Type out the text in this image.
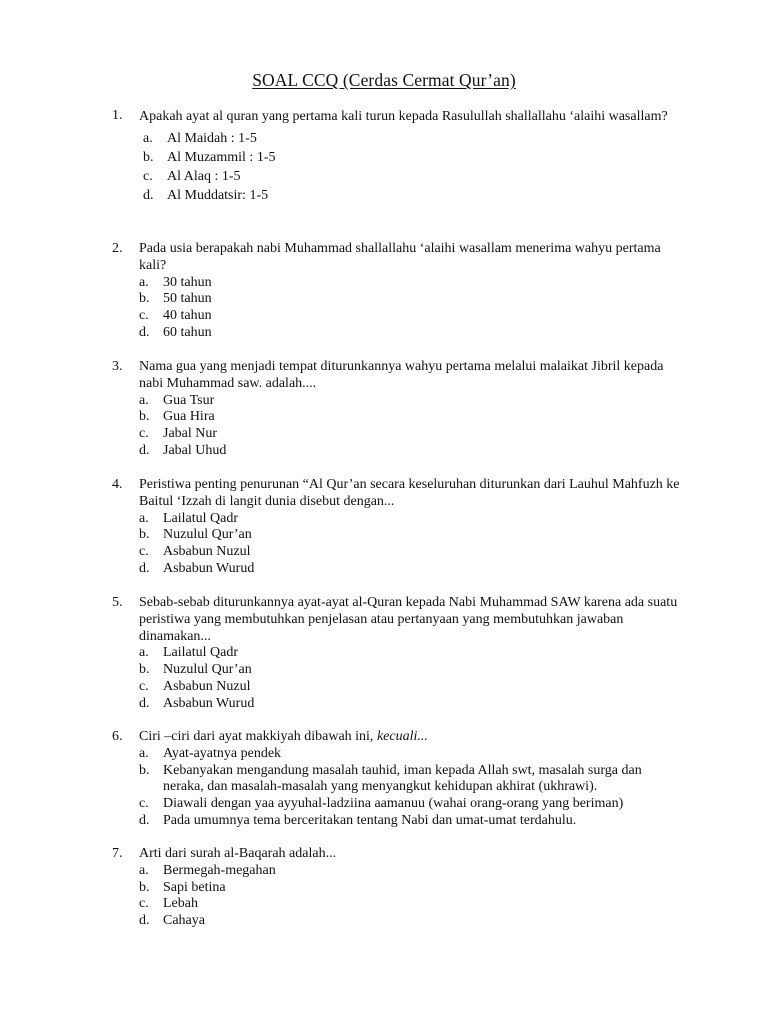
SOAL CCQ (Cerdas Cermat Qur’an)
1.	Apakah ayat al quran yang pertama kali turun kepada Rasulullah shallallahu ‘alaihi wasallam?
a.	Al Maidah : 1-5
b. Al Muzammil : 1-5
c.	Al Alaq : 1-5
d. Al Muddatsir: 1-5
2.	Pada usia berapakah nabi Muhammad shallallahu ‘alaihi wasallam menerima wahyu pertama kali?
a.	30 tahun
b. 50 tahun
c.	40 tahun
d. 60 tahun
3.	Nama gua yang menjadi tempat diturunkannya wahyu pertama melalui malaikat Jibril kepada nabi Muhammad saw. adalah....
a.	Gua Tsur
b. Gua Hira
c.	Jabal Nur
d. Jabal Uhud
4.	Peristiwa penting penurunan “Al Qur’an secara keseluruhan diturunkan dari Lauhul Mahfuzh ke Baitul ‘Izzah di langit dunia disebut dengan...
a.	Lailatul Qadr
b. Nuzulul Qur’an
c.	Asbabun Nuzul
d. Asbabun Wurud
5.	Sebab-sebab diturunkannya ayat-ayat al-Quran kepada Nabi Muhammad SAW karena ada suatu peristiwa yang membutuhkan penjelasan atau pertanyaan yang membutuhkan jawaban dinamakan...
a.	Lailatul Qadr
b. Nuzulul Qur’an
c.	Asbabun Nuzul
d. Asbabun Wurud
6.	Ciri –ciri dari ayat makkiyah dibawah ini, kecuali...
a.	Ayat-ayatnya pendek
b. Kebanyakan mengandung masalah tauhid, iman kepada Allah swt, masalah surga dan neraka, dan masalah-masalah yang menyangkut kehidupan akhirat (ukhrawi).
c.	Diawali dengan yaa ayyuhal-ladziina aamanuu (wahai orang-orang yang beriman)
d. Pada umumnya tema berceritakan tentang Nabi dan umat-umat terdahulu.
7.	Arti dari surah al-Baqarah adalah...
a.	Bermegah-megahan
b. Sapi betina
c.	Lebah
d. Cahaya
